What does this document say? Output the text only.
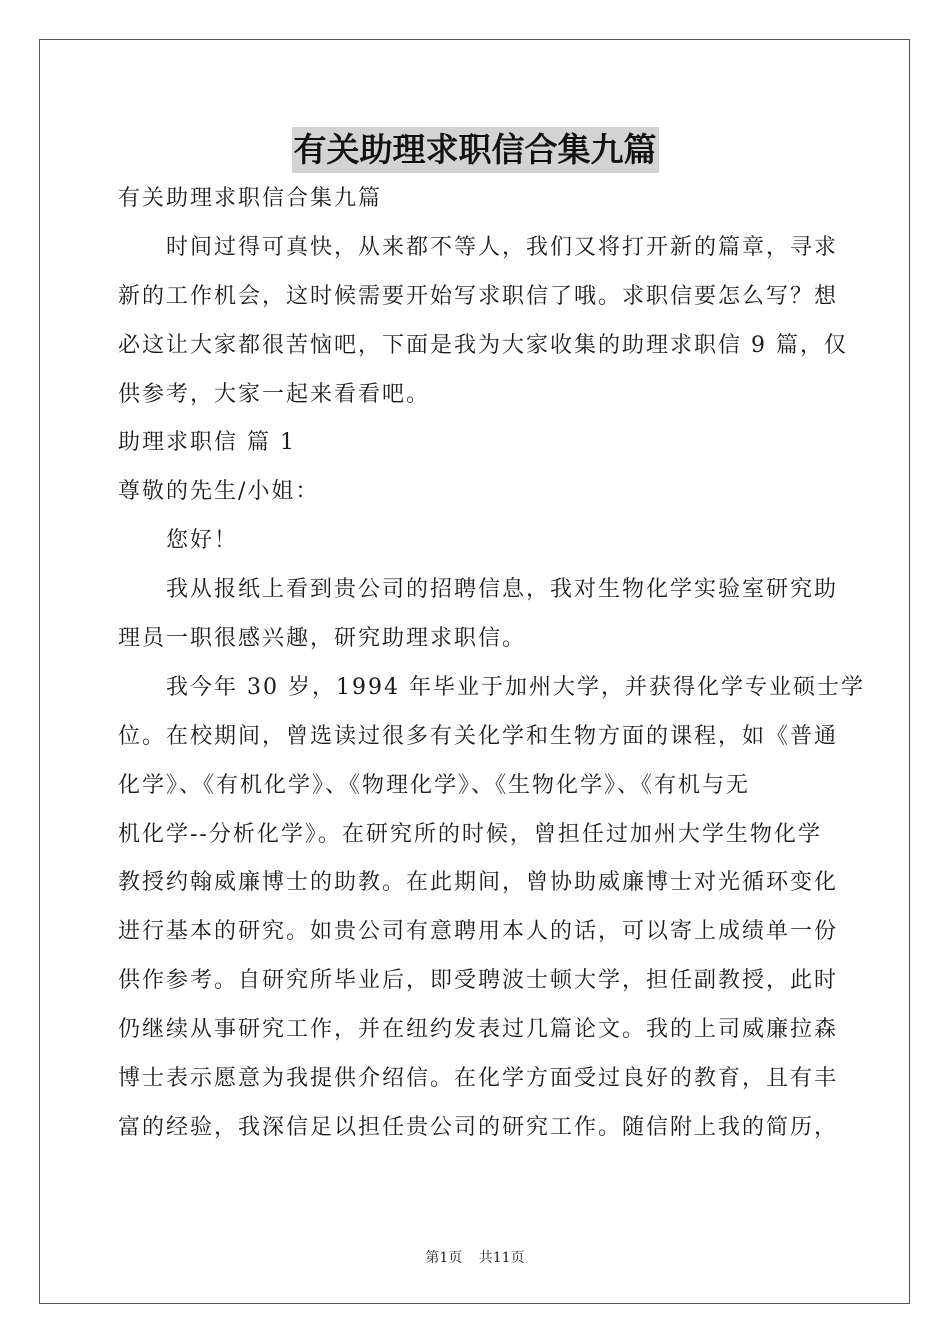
有关助理求职信合集九篇
有关助理求职信合集九篇
时间过得可真快，从来都不等人，我们又将打开新的篇章，寻求
新的工作机会，这时候需要开始写求职信了哦。求职信要怎么写？想
必这让大家都很苦恼吧，下面是我为大家收集的助理求职信 9 篇，仅
供参考，大家一起来看看吧。
助理求职信 篇 1
尊敬的先生/小姐：
您好！
我从报纸上看到贵公司的招聘信息，我对生物化学实验室研究助
理员一职很感兴趣，研究助理求职信。
我今年 30 岁，1994 年毕业于加州大学，并获得化学专业硕士学
位。在校期间，曾选读过很多有关化学和生物方面的课程，如《普通
化学》、《有机化学》、《物理化学》、《生物化学》、《有机与无
机化学--分析化学》。在研究所的时候，曾担任过加州大学生物化学
教授约翰威廉博士的助教。在此期间，曾协助威廉博士对光循环变化
进行基本的研究。如贵公司有意聘用本人的话，可以寄上成绩单一份
供作参考。自研究所毕业后，即受聘波士顿大学，担任副教授，此时
仍继续从事研究工作，并在纽约发表过几篇论文。我的上司威廉拉森
博士表示愿意为我提供介绍信。在化学方面受过良好的教育，且有丰
富的经验，我深信足以担任贵公司的研究工作。随信附上我的简历，
第1页 共11页
